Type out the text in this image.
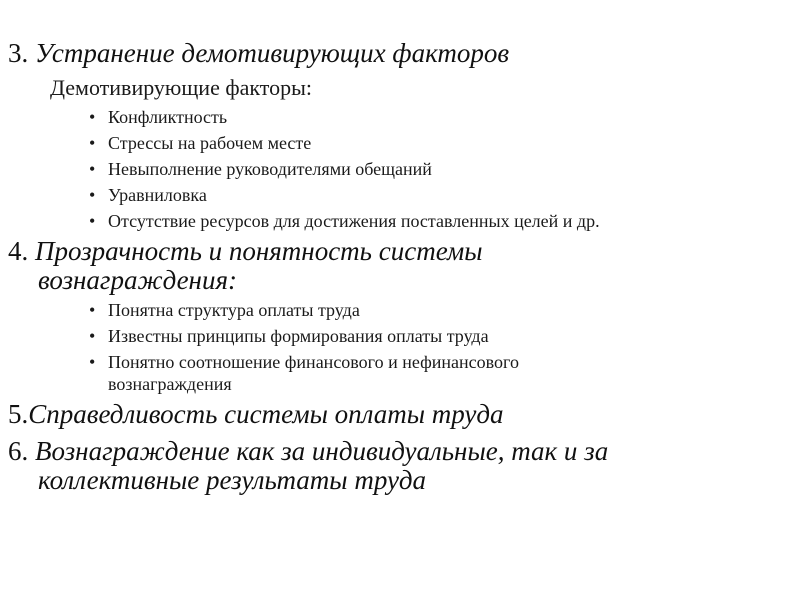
3. Устранение демотивирующих факторов
Демотивирующие факторы:
• Конфликтность
• Стрессы на рабочем месте
• Невыполнение руководителями обещаний
• Уравниловка
• Отсутствие ресурсов для достижения поставленных целей и др.
4. Прозрачность и понятность системы
вознаграждения:
• Понятна структура оплаты труда
• Известны принципы формирования оплаты труда
• Понятно соотношение финансового и нефинансового
вознаграждения
5.Справедливость системы оплаты труда
6. Вознаграждение как за индивидуальные, так и за
коллективные результаты труда
